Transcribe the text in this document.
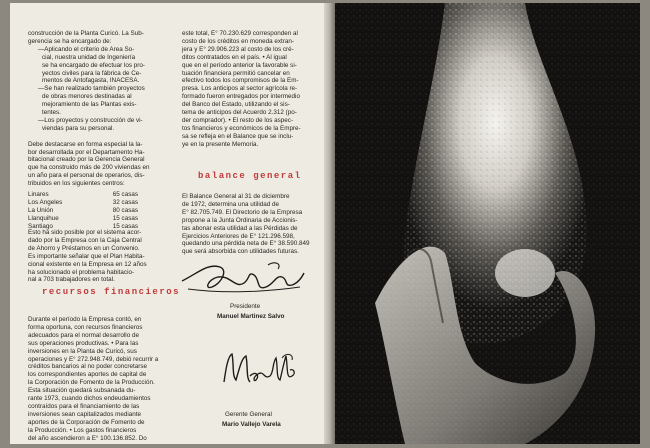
construcción de la Planta Curicó. La Sub-

gerencia se ha encargado de:

—Aplicando el criterio de Area So-

cial, nuestra unidad de Ingeniería

se ha encargado de efectuar los pro-

yectos civiles para la fábrica de Ce-

mentos de Antofagasta, INACESA.

—Se han realizado también proyectos

de obras menores destinadas al

mejoramiento de las Plantas exis-

tentes.

—Los proyectos y construcción de vi-

viendas para su personal.

Debe destacarse en forma especial la la-

bor desarrollada por el Departamento Ha-

bitacional creado por la Gerencia General

que ha construido más de 200 viviendas en

un año para el personal de operarios, dis-

tribuidos en los siguientes centros:

Linares	65 casas
Los Angeles	32 casas
La Unión	80 casas
Llanquihue	15 casas
Santiago	15 casas

Esto ha sido posible por el sistema acor-

dado por la Empresa con la Caja Central

de Ahorro y Préstamos en un Convenio.

Es importante señalar que el Plan Habita-

cional existente en la Empresa en 12 años

ha solucionado el problema habitacio-

nal a 703 trabajadores en total.

recursos financieros

Durante el período la Empresa contó, en

forma oportuna, con recursos financieros

adecuados para el normal desarrollo de

sus operaciones productivas. • Para las

inversiones en la Planta de Curicó, sus

operaciones y E° 272.948.749, debió recurrir a

créditos bancarios al no poder concretarse

los correspondientes aportes de capital de

la Corporación de Fomento de la Producción.

Esta situación quedará subsanada du-

rante 1973, cuando dichos endeudamientos

contraídos para el financiamiento de las

inversiones sean capitalizados mediante

aportes de la Corporación de Fomento de

la Producción. • Los gastos financieros

del año ascendieron a E° 100.136.852. Do

este total, E° 70.230.629 corresponden al

costo de los créditos en moneda extran-

jera y E° 29.906.223 al costo de los cré-

ditos contratados en el país. • Al igual

que en el período anterior la favorable si-

tuación financiera permitió cancelar en

efectivo todos los compromisos de la Em-

presa. Los anticipos al sector agrícola re-

formado fueron entregados por intermedio

del Banco del Estado, utilizando el sis-

tema de anticipos del Acuerdo 2.312 (po-

der comprador). • El resto de los aspec-

tos financieros y económicos de la Empre-

sa se refleja en el Balance que se inclu-

ye en la presente Memoria.

balance general

El Balance General al 31 de diciembre

de 1972, determina una utilidad de

E° 82.705.749. El Directorio de la Empresa

propone a la Junta Ordinaria de Accionis-

tas abonar esta utilidad a las Pérdidas de

Ejercicios Anteriores de E° 121.296.598,

quedando una pérdida neta de E° 38.590.849

que será absorbida con utilidades futuras.

Presidente
Manuel Martinez Salvo
Gerente General
Mario Vallejo Varela
